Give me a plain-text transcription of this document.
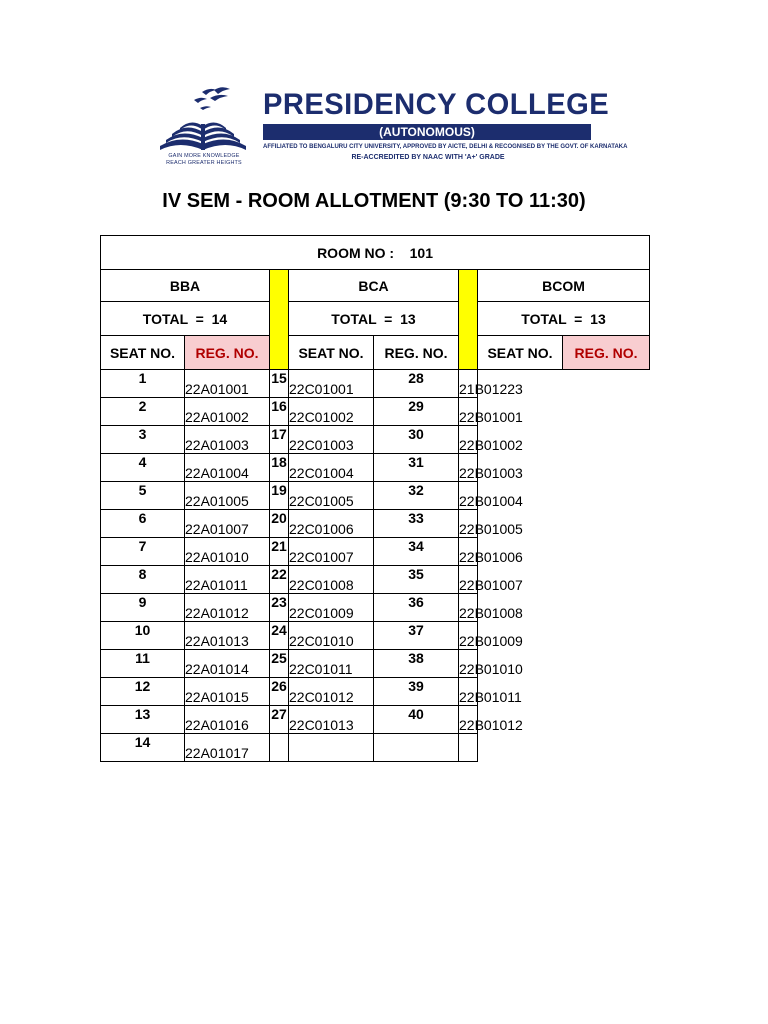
GAIN MORE KNOWLEDGE
REACH GREATER HEIGHTS
PRESIDENCY COLLEGE
(AUTONOMOUS)
AFFILIATED TO BENGALURU CITY UNIVERSITY, APPROVED BY AICTE, DELHI & RECOGNISED BY THE GOVT. OF KARNATAKA
RE-ACCREDITED BY NAAC WITH 'A+' GRADE
IV SEM - ROOM ALLOTMENT (9:30 TO 11:30)
ROOM NO : 101							
BBA			BCA			BCOM	
TOTAL  = 14			TOTAL  = 13			TOTAL  = 13	
SEAT NO.	REG. NO.		SEAT NO.	REG. NO.		SEAT NO.	REG. NO.
1	22A01001	15	22C01001	28	21B01223		
2	22A01002	16	22C01002	29	22B01001		
3	22A01003	17	22C01003	30	22B01002		
4	22A01004	18	22C01004	31	22B01003		
5	22A01005	19	22C01005	32	22B01004		
6	22A01007	20	22C01006	33	22B01005		
7	22A01010	21	22C01007	34	22B01006		
8	22A01011	22	22C01008	35	22B01007		
9	22A01012	23	22C01009	36	22B01008		
10	22A01013	24	22C01010	37	22B01009		
11	22A01014	25	22C01011	38	22B01010		
12	22A01015	26	22C01012	39	22B01011		
13	22A01016	27	22C01013	40	22B01012		
14	22A01017						
